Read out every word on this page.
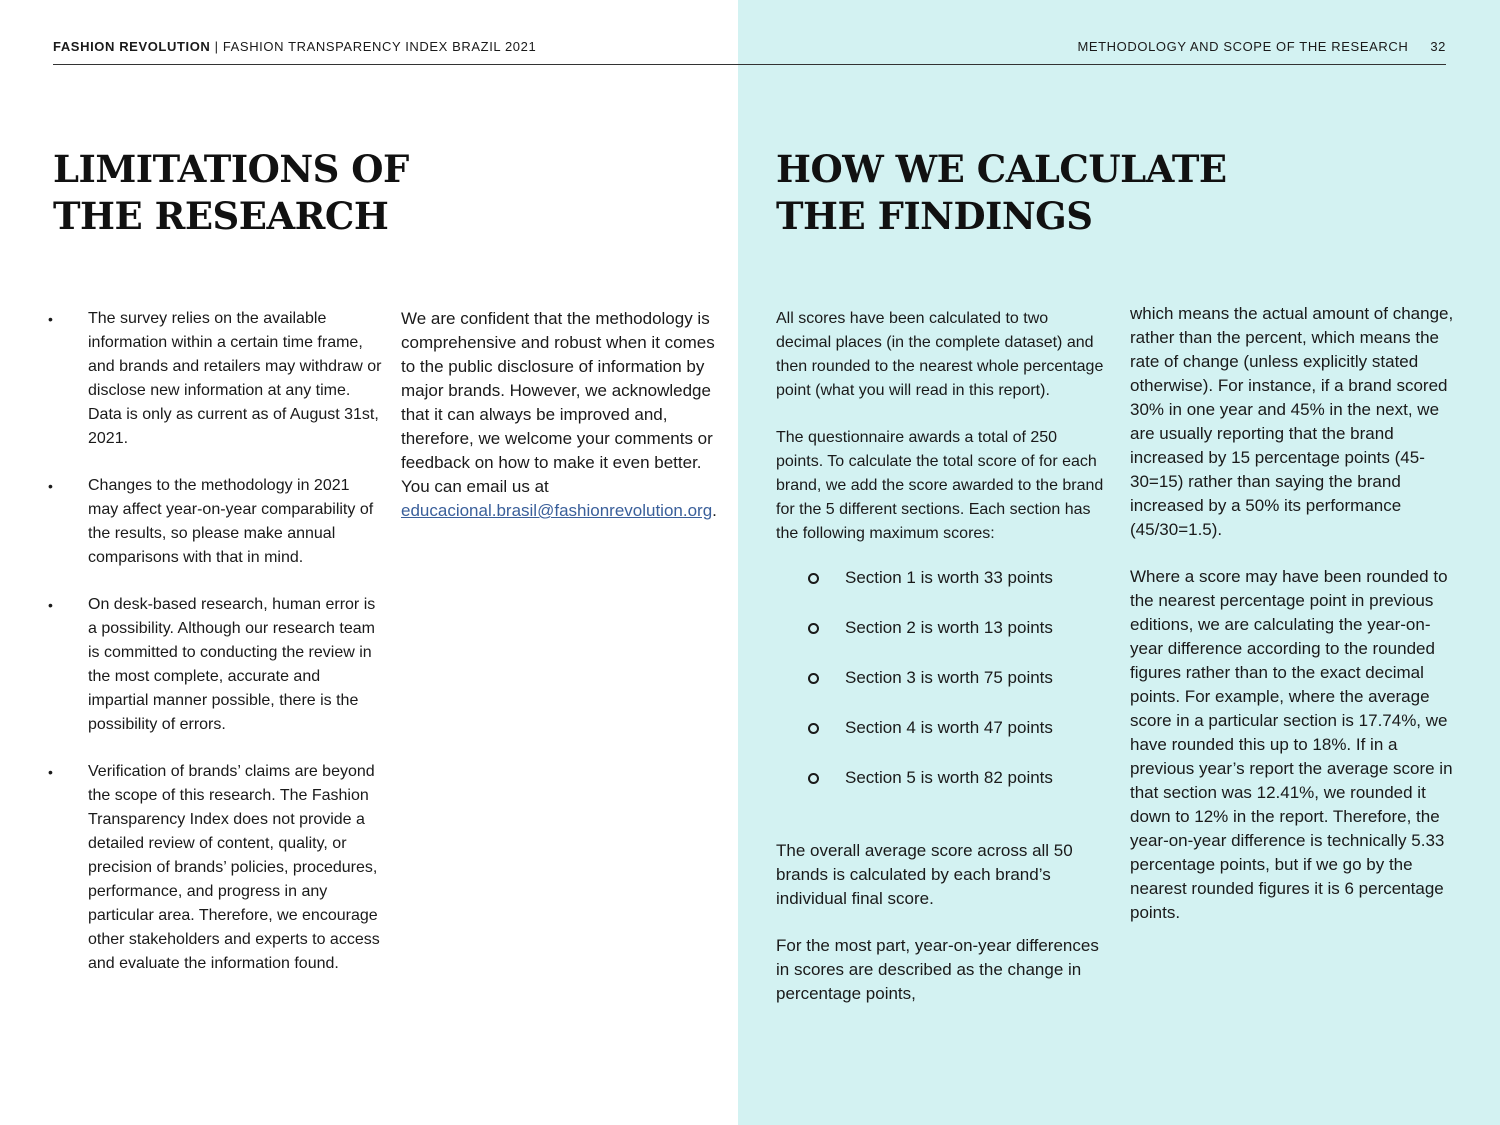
FASHION REVOLUTION | FASHION TRANSPARENCY INDEX BRAZIL 2021	METHODOLOGY AND SCOPE OF THE RESEARCH 32
LIMITATIONS OF
THE RESEARCH
HOW WE CALCULATE
THE FINDINGS
• The survey relies on the available information within a certain time frame, and brands and retailers may withdraw or disclose new information at any time. Data is only as current as of August 31st, 2021.
• Changes to the methodology in 2021 may affect year-on-year comparability of the results, so please make annual comparisons with that in mind.
• On desk-based research, human error is a possibility. Although our research team is committed to conducting the review in the most complete, accurate and impartial manner possible, there is the possibility of errors.
• Verification of brands’ claims are beyond the scope of this research. The Fashion Transparency Index does not provide a detailed review of content, quality, or precision of brands’ policies, procedures, performance, and progress in any particular area. Therefore, we encourage other stakeholders and experts to access and evaluate the information found.

We are confident that the methodology is comprehensive and robust when it comes to the public disclosure of information by major brands. However, we acknowledge that it can always be improved and, therefore, we welcome your comments or feedback on how to make it even better. You can email us at educacional.brasil@fashionrevolution.org.

All scores have been calculated to two decimal places (in the complete dataset) and then rounded to the nearest whole percentage point (what you will read in this report).

The questionnaire awards a total of 250 points. To calculate the total score of for each brand, we add the score awarded to the brand for the 5 different sections. Each section has the following maximum scores:

Section 1 is worth 33 points
Section 2 is worth 13 points
Section 3 is worth 75 points
Section 4 is worth 47 points
Section 5 is worth 82 points

The overall average score across all 50 brands is calculated by each brand’s individual final score.

For the most part, year-on-year differences in scores are described as the change in percentage points,

which means the actual amount of change, rather than the percent, which means the rate of change (unless explicitly stated otherwise). For instance, if a brand scored 30% in one year and 45% in the next, we are usually reporting that the brand increased by 15 percentage points (45-30=15) rather than saying the brand increased by a 50% its performance (45/30=1.5).

Where a score may have been rounded to the nearest percentage point in previous editions, we are calculating the year-on-year difference according to the rounded figures rather than to the exact decimal points. For example, where the average score in a particular section is 17.74%, we have rounded this up to 18%. If in a previous year’s report the average score in that section was 12.41%, we rounded it down to 12% in the report. Therefore, the year-on-year difference is technically 5.33 percentage points, but if we go by the nearest rounded figures it is 6 percentage points.
